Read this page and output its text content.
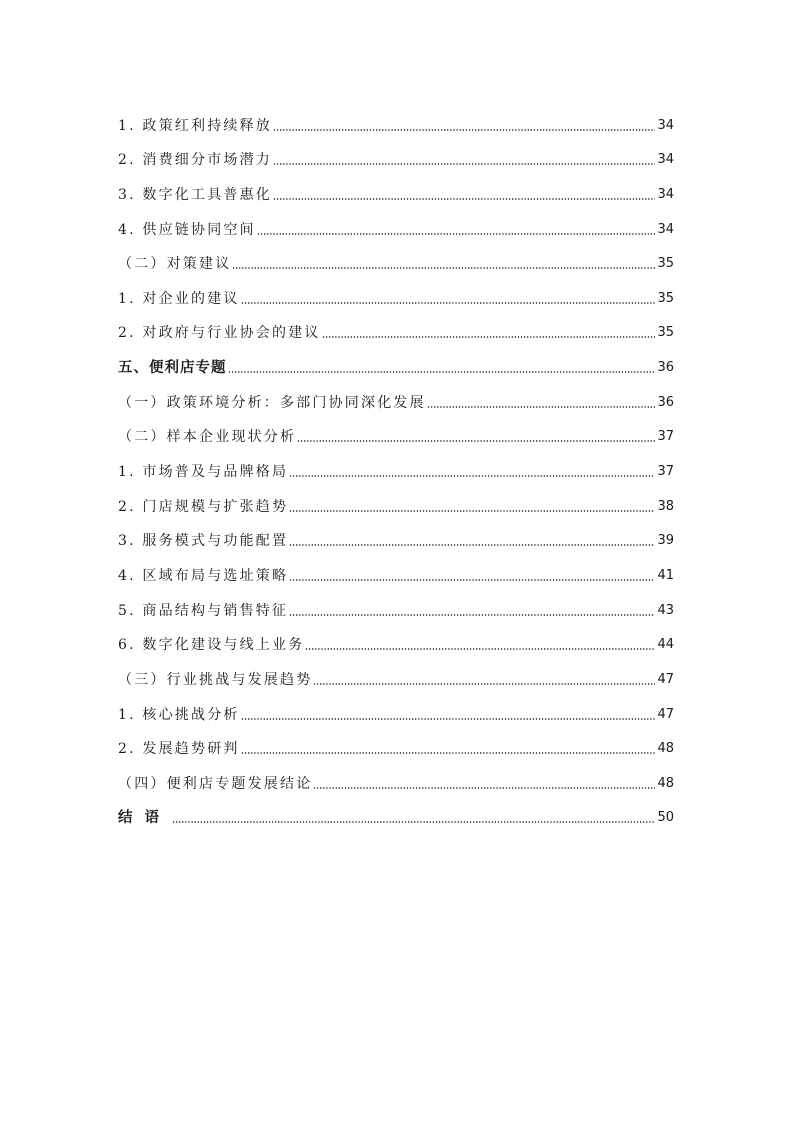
1. 政策红利持续释放	34
2. 消费细分市场潜力	34
3. 数字化工具普惠化	34
4. 供应链协同空间	34
（二）对策建议	35
1. 对企业的建议	35
2. 对政府与行业协会的建议	35
五、便利店专题	36
（一）政策环境分析：多部门协同深化发展	36
（二）样本企业现状分析	37
1. 市场普及与品牌格局	37
2. 门店规模与扩张趋势	38
3. 服务模式与功能配置	39
4. 区域布局与选址策略	41
5. 商品结构与销售特征	43
6. 数字化建设与线上业务	44
（三）行业挑战与发展趋势	47
1. 核心挑战分析	47
2. 发展趋势研判	48
（四）便利店专题发展结论	48
结语	50
